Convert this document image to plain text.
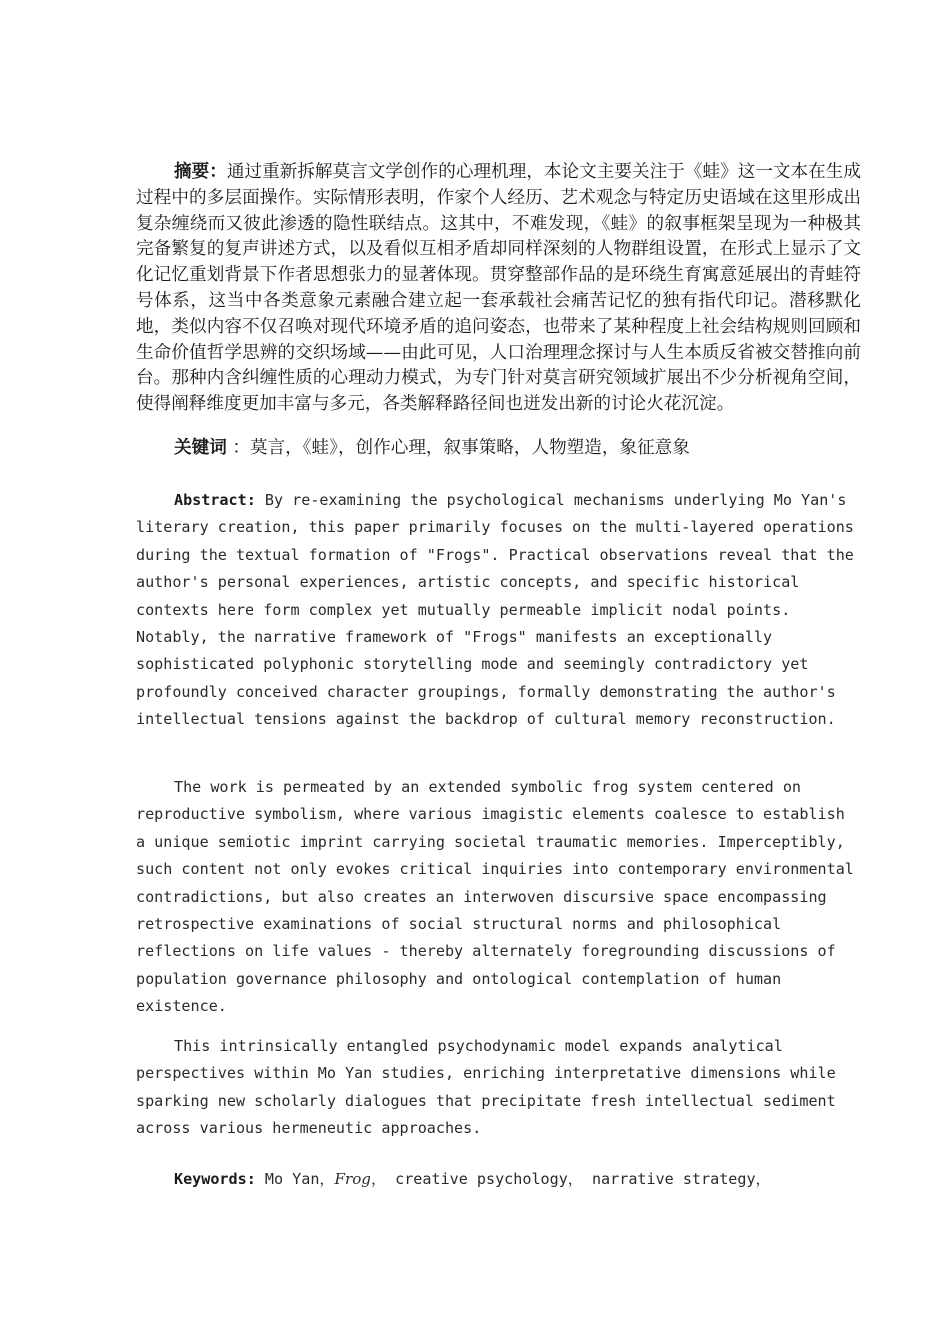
摘要：通过重新拆解莫言文学创作的心理机理，本论文主要关注于《蛙》这一文本在生成过程中的多层面操作。实际情形表明，作家个人经历、艺术观念与特定历史语域在这里形成出复杂缠绕而又彼此渗透的隐性联结点。这其中，不难发现，《蛙》的叙事框架呈现为一种极其完备繁复的复声讲述方式，以及看似互相矛盾却同样深刻的人物群组设置，在形式上显示了文化记忆重划背景下作者思想张力的显著体现。贯穿整部作品的是环绕生育寓意延展出的青蛙符号体系，这当中各类意象元素融合建立起一套承载社会痛苦记忆的独有指代印记。潜移默化地，类似内容不仅召唤对现代环境矛盾的追问姿态，也带来了某种程度上社会结构规则回顾和生命价值哲学思辨的交织场域——由此可见，人口治理理念探讨与人生本质反省被交替推向前台。那种内含纠缠性质的心理动力模式，为专门针对莫言研究领域扩展出不少分析视角空间，使得阐释维度更加丰富与多元，各类解释路径间也迸发出新的讨论火花沉淀。

关键词 ：莫言，《蛙》，创作心理，叙事策略，人物塑造，象征意象

Abstract: By re-examining the psychological mechanisms underlying Mo Yan's literary creation, this paper primarily focuses on the multi-layered operations during the textual formation of "Frogs". Practical observations reveal that the author's personal experiences, artistic concepts, and specific historical contexts here form complex yet mutually permeable implicit nodal points. Notably, the narrative framework of "Frogs" manifests an exceptionally sophisticated polyphonic storytelling mode and seemingly contradictory yet profoundly conceived character groupings, formally demonstrating the author's intellectual tensions against the backdrop of cultural memory reconstruction.

The work is permeated by an extended symbolic frog system centered on reproductive symbolism, where various imagistic elements coalesce to establish a unique semiotic imprint carrying societal traumatic memories. Imperceptibly, such content not only evokes critical inquiries into contemporary environmental contradictions, but also creates an interwoven discursive space encompassing retrospective examinations of social structural norms and philosophical reflections on life values - thereby alternately foregrounding discussions of population governance philosophy and ontological contemplation of human existence.

This intrinsically entangled psychodynamic model expands analytical perspectives within Mo Yan studies, enriching interpretative dimensions while sparking new scholarly dialogues that precipitate fresh intellectual sediment across various hermeneutic approaches.

Keywords: Mo Yan，Frog， creative psychology， narrative strategy，
